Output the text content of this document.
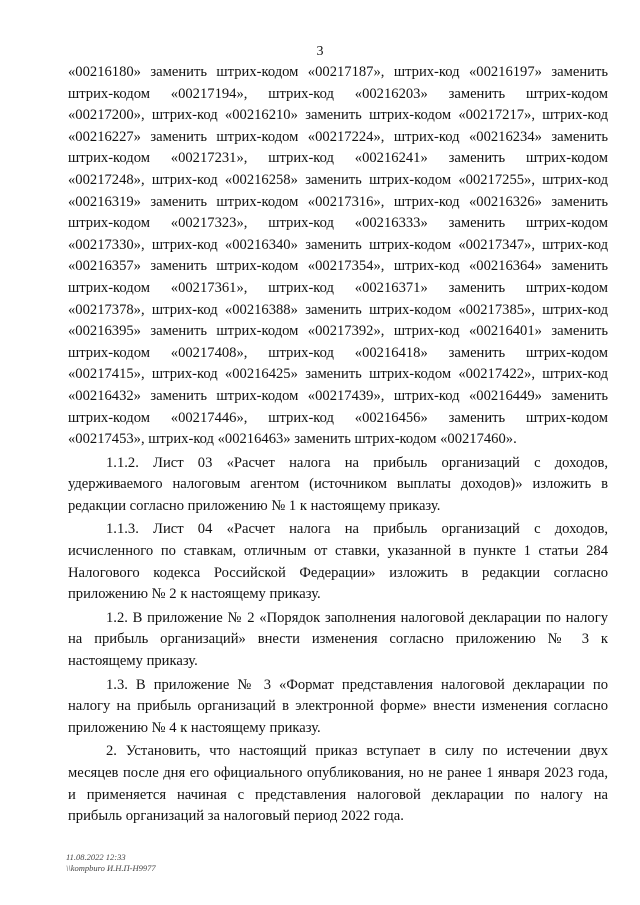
3
«00216180» заменить штрих-кодом «00217187», штрих-код «00216197» заменить
штрих-кодом «00217194», штрих-код «00216203» заменить штрих-кодом
«00217200», штрих-код «00216210» заменить штрих-кодом «00217217», штрих-код
«00216227» заменить штрих-кодом «00217224», штрих-код «00216234» заменить
штрих-кодом «00217231», штрих-код «00216241» заменить штрих-кодом
«00217248», штрих-код «00216258» заменить штрих-кодом «00217255», штрих-код
«00216319» заменить штрих-кодом «00217316», штрих-код «00216326» заменить
штрих-кодом «00217323», штрих-код «00216333» заменить штрих-кодом
«00217330», штрих-код «00216340» заменить штрих-кодом «00217347», штрих-код
«00216357» заменить штрих-кодом «00217354», штрих-код «00216364» заменить
штрих-кодом «00217361», штрих-код «00216371» заменить штрих-кодом
«00217378», штрих-код «00216388» заменить штрих-кодом «00217385», штрих-код
«00216395» заменить штрих-кодом «00217392», штрих-код «00216401» заменить
штрих-кодом «00217408», штрих-код «00216418» заменить штрих-кодом
«00217415», штрих-код «00216425» заменить штрих-кодом «00217422», штрих-код
«00216432» заменить штрих-кодом «00217439», штрих-код «00216449» заменить
штрих-кодом «00217446», штрих-код «00216456» заменить штрих-кодом
«00217453», штрих-код «00216463» заменить штрих-кодом «00217460».
1.1.2. Лист 03 «Расчет налога на прибыль организаций с доходов,
удерживаемого налоговым агентом (источником выплаты доходов)» изложить в
редакции согласно приложению № 1 к настоящему приказу.
1.1.3. Лист 04 «Расчет налога на прибыль организаций с доходов,
исчисленного по ставкам, отличным от ставки, указанной в пункте 1 статьи 284
Налогового кодекса Российской Федерации» изложить в редакции согласно
приложению № 2 к настоящему приказу.
1.2. В приложение № 2 «Порядок заполнения налоговой декларации по налогу
на прибыль организаций» внести изменения согласно приложению № 3 к
настоящему приказу.
1.3. В приложение № 3 «Формат представления налоговой декларации по
налогу на прибыль организаций в электронной форме» внести изменения согласно
приложению № 4 к настоящему приказу.
2. Установить, что настоящий приказ вступает в силу по истечении двух
месяцев после дня его официального опубликования, но не ранее 1 января 2023 года,
и применяется начиная с представления налоговой декларации по налогу на
прибыль организаций за налоговый период 2022 года.
11.08.2022 12:33
\\kompburo И.Н.П-Н9977
